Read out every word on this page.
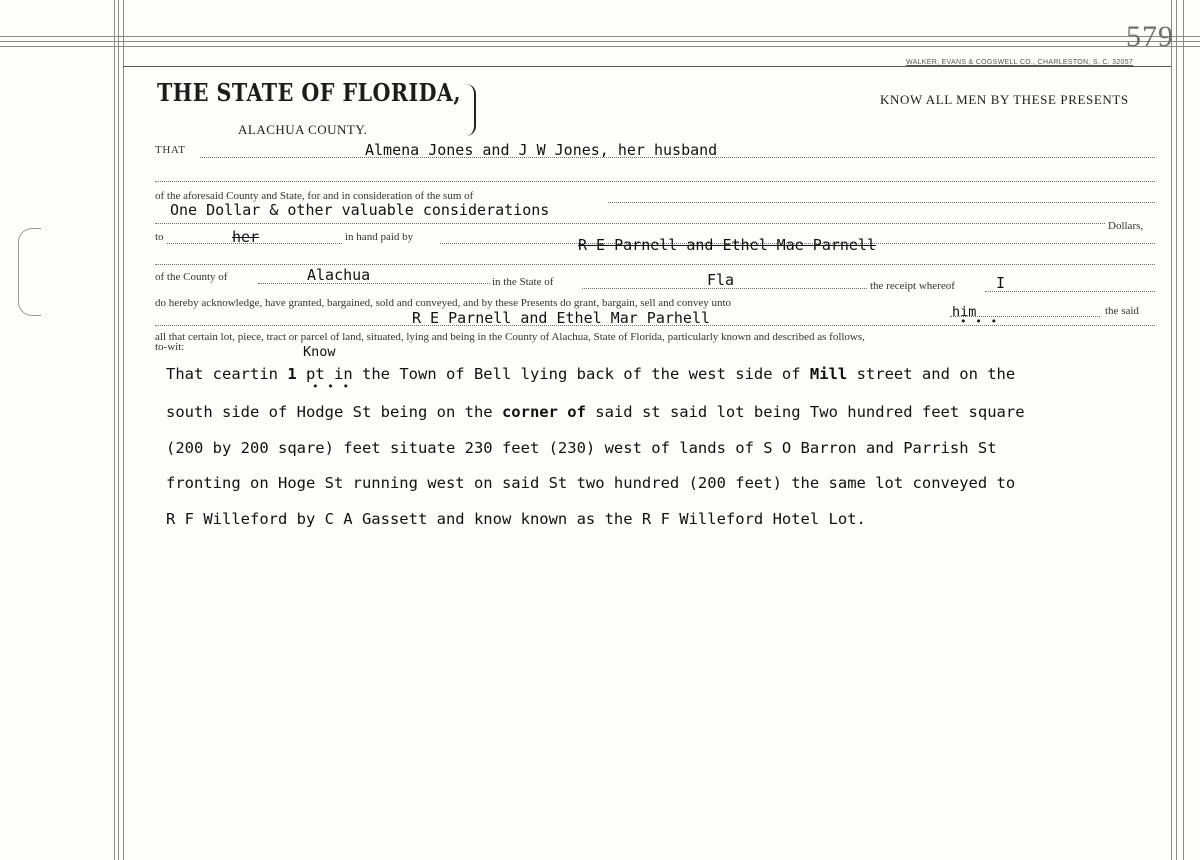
579
WALKER, EVANS & COGSWELL CO., CHARLESTON, S. C. 32057
THE STATE OF FLORIDA,	KNOW ALL MEN BY THESE PRESENTS
ALACHUA COUNTY.
THAT	Almena Jones and J W Jones, her husband
of the aforesaid County and State, for and in consideration of the sum of
One Dollar & other valuable considerations
Dollars,
to	her	in hand paid by	R E Parnell and Ethel Mae Parnell
of the County of	Alachua	in the State of	Fla	the receipt whereof	I
do hereby acknowledge, have granted, bargained, sold and conveyed, and by these Presents do grant, bargain, sell and convey unto
him
• • •
the said
R E Parnell and Ethel Mar Parhell
all that certain lot, piece, tract or parcel of land, situated, lying and being in the County of Alachua, State of Florida, particularly known and described as follows,
to-wit:	Know
That ceartin 1 pt in the Town of Bell lying back of the west side of Mill street and on the
• • •
south side of Hodge St being on the corner of said st said lot being Two hundred feet square
(200 by 200 sqare) feet situate 230 feet (230) west of lands of S O Barron and Parrish St
fronting on Hoge St running west on said St two hundred (200 feet) the same lot conveyed to
R F Willeford by C A Gassett and know known as the R F Willeford Hotel Lot.
